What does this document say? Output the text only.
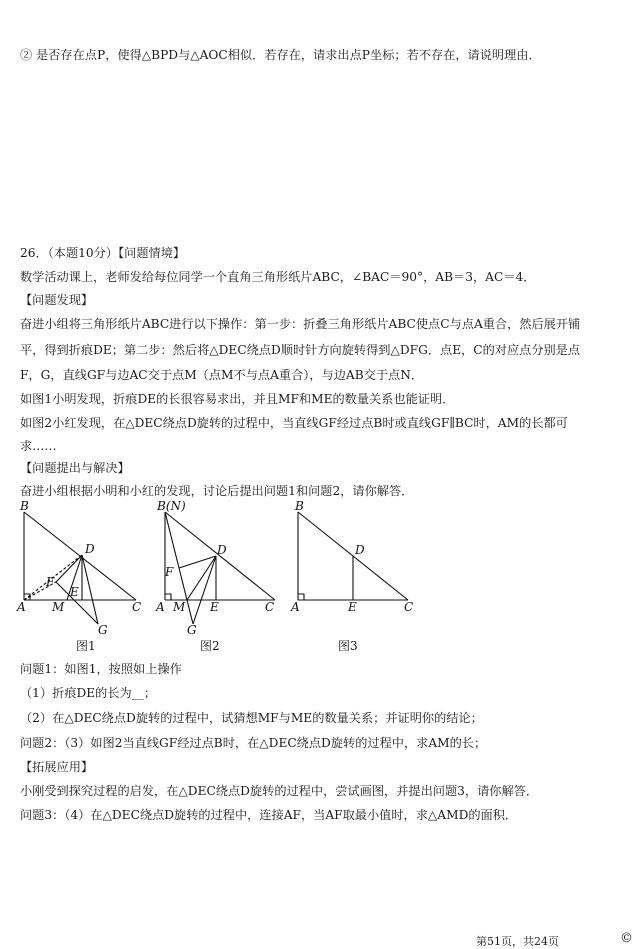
② 是否存在点P，使得△BPD与△AOC相似．若存在，请求出点P坐标；若不存在，请说明理由．
26．（本题10分）【问题情境】
数学活动课上，老师发给每位同学一个直角三角形纸片ABC，∠BAC＝90°，AB＝3，AC＝4．
【问题发现】
奋进小组将三角形纸片ABC进行以下操作：第一步：折叠三角形纸片ABC使点C与点A重合，然后展开铺
平，得到折痕DE；第二步：然后将△DEC绕点D顺时针方向旋转得到△DFG．点E，C的对应点分别是点
F，G，直线GF与边AC交于点M（点M不与点A重合），与边AB交于点N．
如图1小明发现，折痕DE的长很容易求出，并且MF和ME的数量关系也能证明．
如图2小红发现，在△DEC绕点D旋转的过程中，当直线GF经过点B时或直线GF∥BC时，AM的长都可
求……
【问题提出与解决】
奋进小组根据小明和小红的发现，讨论后提出问题1和问题2，请你解答．
B
D
F
E
A M	C
G
图1
B(N)
D
F
A M E	C
G
图2
B
D
A	E	C
图3
问题1：如图1，按照如上操作
（1）折痕DE的长为__；
（2）在△DEC绕点D旋转的过程中，试猜想MF与ME的数量关系；并证明你的结论；
问题2：（3）如图2当直线GF经过点B时，在△DEC绕点D旋转的过程中，求AM的长；
【拓展应用】
小刚受到探究过程的启发，在△DEC绕点D旋转的过程中，尝试画图，并提出问题3，请你解答．
问题3：（4）在△DEC绕点D旋转的过程中，连接AF，当AF取最小值时，求△AMD的面积．
第51页，共24页	©
